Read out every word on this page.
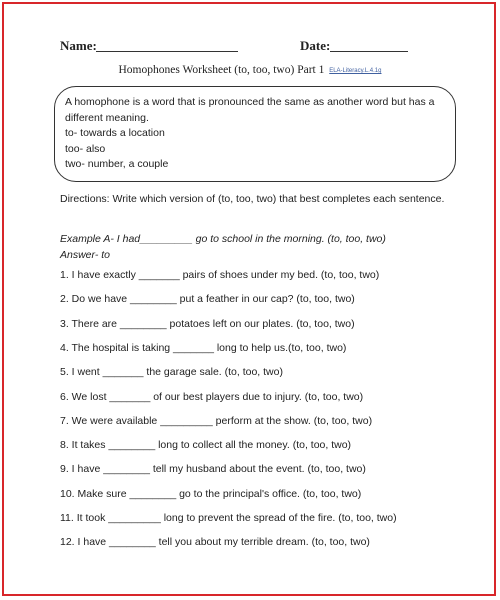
Name:	Date:
Homophones Worksheet (to, too, two) Part 1 ELA-Literacy.L.4.1g
A homophone is a word that is pronounced the same as another word but has a
different meaning.
to- towards a location
too- also
two- number, a couple
Directions: Write which version of (to, too, two) that best completes each sentence.
Example A- I had_________ go to school in the morning. (to, too, two)
Answer- to
1. I have exactly _______ pairs of shoes under my bed. (to, too, two)
2. Do we have ________ put a feather in our cap? (to, too, two)
3. There are ________ potatoes left on our plates. (to, too, two)
4. The hospital is taking _______ long to help us.(to, too, two)
5. I went _______ the garage sale. (to, too, two)
6. We lost _______ of our best players due to injury. (to, too, two)
7. We were available _________ perform at the show. (to, too, two)
8. It takes ________ long to collect all the money. (to, too, two)
9. I have ________ tell my husband about the event. (to, too, two)
10. Make sure ________ go to the principal's office. (to, too, two)
11. It took _________ long to prevent the spread of the fire. (to, too, two)
12. I have ________ tell you about my terrible dream. (to, too, two)
